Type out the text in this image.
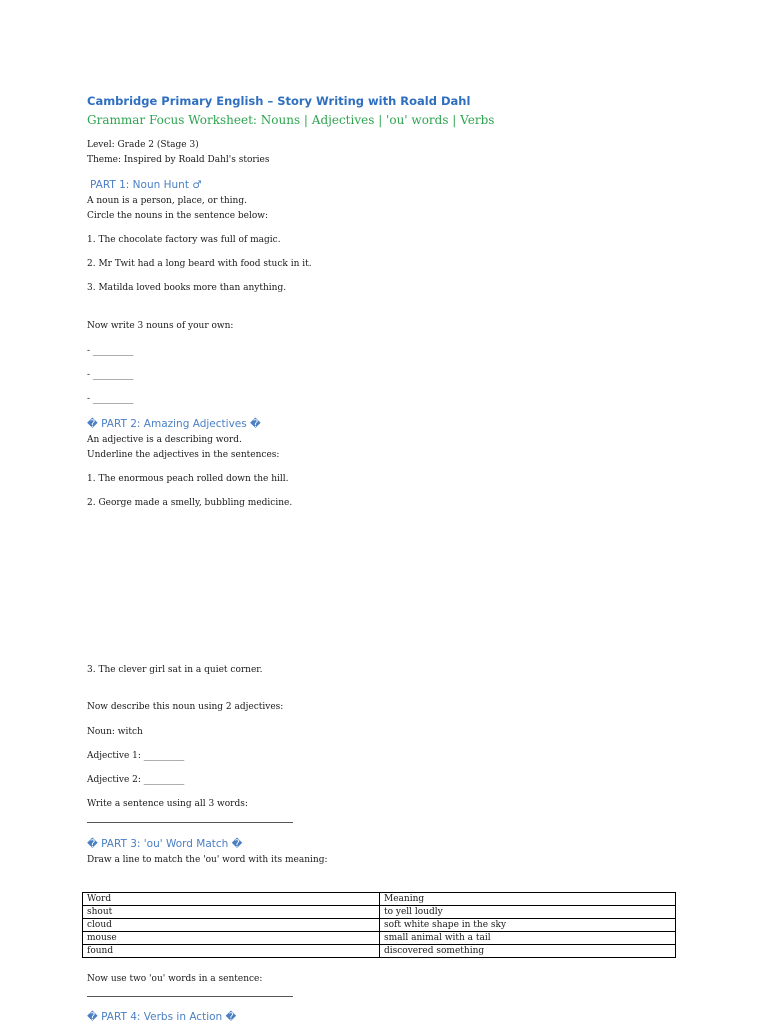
Cambridge Primary English – Story Writing with Roald Dahl
Grammar Focus Worksheet: Nouns | Adjectives | 'ou' words | Verbs
Level: Grade 2 (Stage 3)
Theme: Inspired by Roald Dahl's stories
PART 1: Noun Hunt ♂
A noun is a person, place, or thing.
Circle the nouns in the sentence below:
1. The chocolate factory was full of magic.
2. Mr Twit had a long beard with food stuck in it.
3. Matilda loved books more than anything.
Now write 3 nouns of your own:
- _________
- _________
- _________
� PART 2: Amazing Adjectives �
An adjective is a describing word.
Underline the adjectives in the sentences:
1. The enormous peach rolled down the hill.
2. George made a smelly, bubbling medicine.
3. The clever girl sat in a quiet corner.
Now describe this noun using 2 adjectives:
Noun: witch
Adjective 1: _________
Adjective 2: _________
Write a sentence using all 3 words:
� PART 3: 'ou' Word Match �
Draw a line to match the 'ou' word with its meaning:
Word	Meaning
shout	to yell loudly
cloud	soft white shape in the sky
mouse	small animal with a tail
found	discovered something
Now use two 'ou' words in a sentence:
� PART 4: Verbs in Action �
